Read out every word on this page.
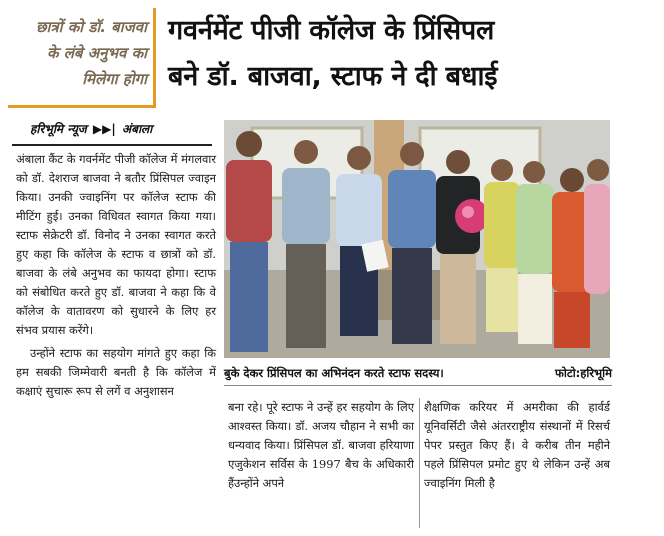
छात्रों को डॉ. बाजवा
के लंबे अनुभव का
मिलेगा होगा
गवर्नमेंट पीजी कॉलेज के प्रिंसिपल
बने डॉ. बाजवा, स्टाफ ने दी बधाई
हरिभूमि न्यूज ▶▶| अंबाला

अंबाला कैंट के गवर्नमेंट पीजी कॉलेज में मंगलवार को डॉ. देशराज बाजवा ने बतौर प्रिंसिपल ज्वाइन किया। उनकी ज्वाइनिंग पर कॉलेज स्टाफ की मीटिंग हुई। उनका विधिवत स्वागत किया गया। स्टाफ सेक्रेटरी डॉ. विनोद ने उनका स्वागत करते हुए कहा कि कॉलेज के स्टाफ व छात्रों को डॉ. बाजवा के लंबे अनुभव का फायदा होगा। स्टाफ को संबोधित करते हुए डॉ. बाजवा ने कहा कि वे कॉलेज के वातावरण को सुधारने के लिए हर संभव प्रयास करेंगे।

उन्होंने स्टाफ का सहयोग मांगते हुए कहा कि हम सबकी जिम्मेवारी बनती है कि कॉलेज में कक्षाएं सुचारू रूप से लगें व अनुशासन

बुके देकर प्रिंसिपल का अभिनंदन करते स्टाफ सदस्य।	फोटो:हरिभूमि
बना रहे। पूरे स्टाफ ने उन्हें हर सहयोग के लिए आश्वस्त किया। डॉ. अजय चौहान ने सभी का धन्यवाद किया। प्रिंसिपल डॉ. बाजवा हरियाणा एजुकेशन सर्विस के 1997 बैच के अधिकारी हैंउन्होंने अपने
शैक्षणिक करियर में अमरीका की हार्वर्ड यूनिवर्सिटी जैसे अंतरराष्ट्रीय संस्थानों में रिसर्च पेपर प्रस्तुत किए हैं। वे करीब तीन महीने पहले प्रिंसिपल प्रमोट हुए थे लेकिन उन्हें अब ज्वाइनिंग मिली है
